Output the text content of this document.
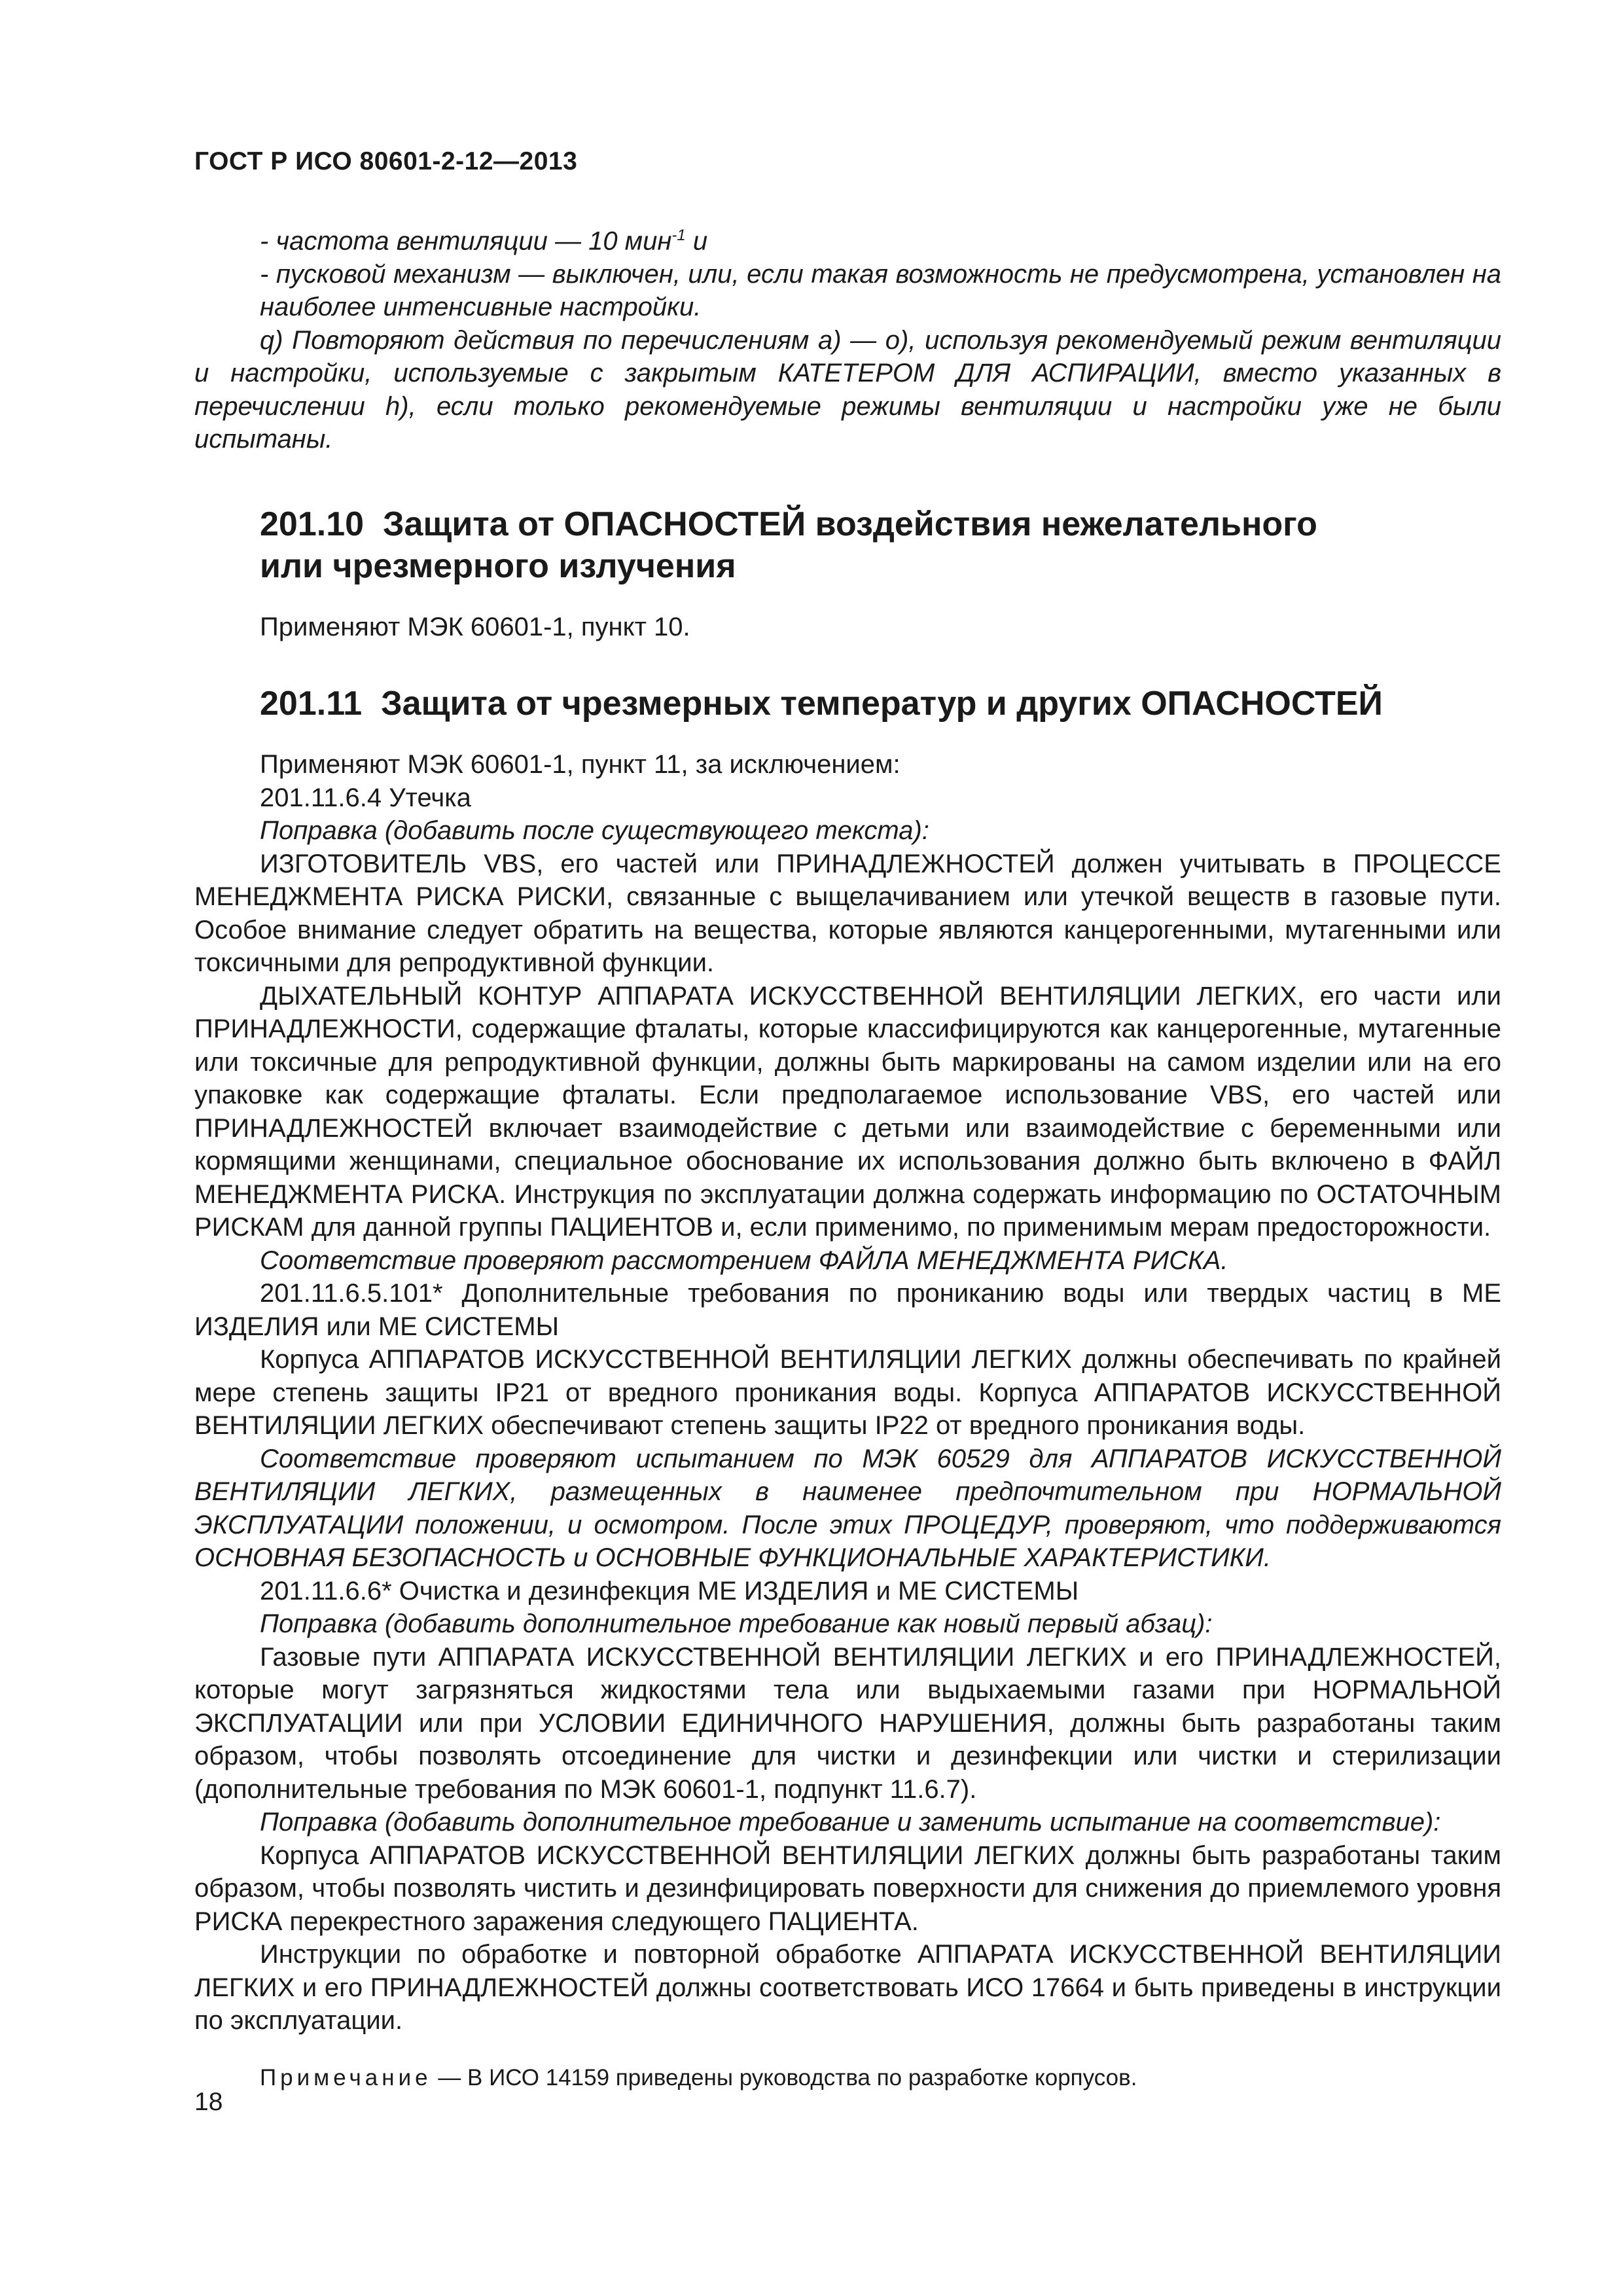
ГОСТ Р ИСО 80601-2-12—2013

- частота вентиляции — 10 мин$^{-1}$ и

- пусковой механизм — выключен, или, если такая возможность не предусмотрена, установлен на наиболее интенсивные настройки.

q) Повторяют действия по перечислениям а) — о), используя рекомендуемый режим вентиляции и настройки, используемые с закрытым КАТЕТЕРОМ ДЛЯ АСПИРАЦИИ, вместо указанных в перечислении h), если только рекомендуемые режимы вентиляции и настройки уже не были испытаны.

201.10 Защита от ОПАСНОСТЕЙ воздействия нежелательного
или чрезмерного излучения

Применяют МЭК 60601-1, пункт 10.

201.11 Защита от чрезмерных температур и других ОПАСНОСТЕЙ

Применяют МЭК 60601-1, пункт 11, за исключением:

201.11.6.4 Утечка

Поправка (добавить после существующего текста):

ИЗГОТОВИТЕЛЬ VBS, его частей или ПРИНАДЛЕЖНОСТЕЙ должен учитывать в ПРОЦЕССЕ МЕНЕДЖМЕНТА РИСКА РИСКИ, связанные с выщелачиванием или утечкой веществ в газовые пути. Особое внимание следует обратить на вещества, которые являются канцерогенными, мутагенными или токсичными для репродуктивной функции.

ДЫХАТЕЛЬНЫЙ КОНТУР АППАРАТА ИСКУССТВЕННОЙ ВЕНТИЛЯЦИИ ЛЕГКИХ, его части или ПРИНАДЛЕЖНОСТИ, содержащие фталаты, которые классифицируются как канцерогенные, мутагенные или токсичные для репродуктивной функции, должны быть маркированы на самом изделии или на его упаковке как содержащие фталаты. Если предполагаемое использование VBS, его частей или ПРИНАДЛЕЖНОСТЕЙ включает взаимодействие с детьми или взаимодействие с беременными или кормящими женщинами, специальное обоснование их использования должно быть включено в ФАЙЛ МЕНЕДЖМЕНТА РИСКА. Инструкция по эксплуатации должна содержать информацию по ОСТАТОЧНЫМ РИСКАМ для данной группы ПАЦИЕНТОВ и, если применимо, по применимым мерам предосторожности.

Соответствие проверяют рассмотрением ФАЙЛА МЕНЕДЖМЕНТА РИСКА.

201.11.6.5.101* Дополнительные требования по прониканию воды или твердых частиц в МЕ ИЗДЕЛИЯ или МЕ СИСТЕМЫ

Корпуса АППАРАТОВ ИСКУССТВЕННОЙ ВЕНТИЛЯЦИИ ЛЕГКИХ должны обеспечивать по крайней мере степень защиты IP21 от вредного проникания воды. Корпуса АППАРАТОВ ИСКУССТВЕННОЙ ВЕНТИЛЯЦИИ ЛЕГКИХ обеспечивают степень защиты IP22 от вредного проникания воды.

Соответствие проверяют испытанием по МЭК 60529 для АППАРАТОВ ИСКУССТВЕННОЙ ВЕНТИЛЯЦИИ ЛЕГКИХ, размещенных в наименее предпочтительном при НОРМАЛЬНОЙ ЭКСПЛУАТАЦИИ положении, и осмотром. После этих ПРОЦЕДУР, проверяют, что поддерживаются ОСНОВНАЯ БЕЗОПАСНОСТЬ и ОСНОВНЫЕ ФУНКЦИОНАЛЬНЫЕ ХАРАКТЕРИСТИКИ.

201.11.6.6* Очистка и дезинфекция МЕ ИЗДЕЛИЯ и МЕ СИСТЕМЫ

Поправка (добавить дополнительное требование как новый первый абзац):

Газовые пути АППАРАТА ИСКУССТВЕННОЙ ВЕНТИЛЯЦИИ ЛЕГКИХ и его ПРИНАДЛЕЖНОСТЕЙ, которые могут загрязняться жидкостями тела или выдыхаемыми газами при НОРМАЛЬНОЙ ЭКСПЛУАТАЦИИ или при УСЛОВИИ ЕДИНИЧНОГО НАРУШЕНИЯ, должны быть разработаны таким образом, чтобы позволять отсоединение для чистки и дезинфекции или чистки и стерилизации (дополнительные требования по МЭК 60601-1, подпункт 11.6.7).

Поправка (добавить дополнительное требование и заменить испытание на соответствие):

Корпуса АППАРАТОВ ИСКУССТВЕННОЙ ВЕНТИЛЯЦИИ ЛЕГКИХ должны быть разработаны таким образом, чтобы позволять чистить и дезинфицировать поверхности для снижения до приемлемого уровня РИСКА перекрестного заражения следующего ПАЦИЕНТА.

Инструкции по обработке и повторной обработке АППАРАТА ИСКУССТВЕННОЙ ВЕНТИЛЯЦИИ ЛЕГКИХ и его ПРИНАДЛЕЖНОСТЕЙ должны соответствовать ИСО 17664 и быть приведены в инструкции по эксплуатации.

Примечание — В ИСО 14159 приведены руководства по разработке корпусов.

18
